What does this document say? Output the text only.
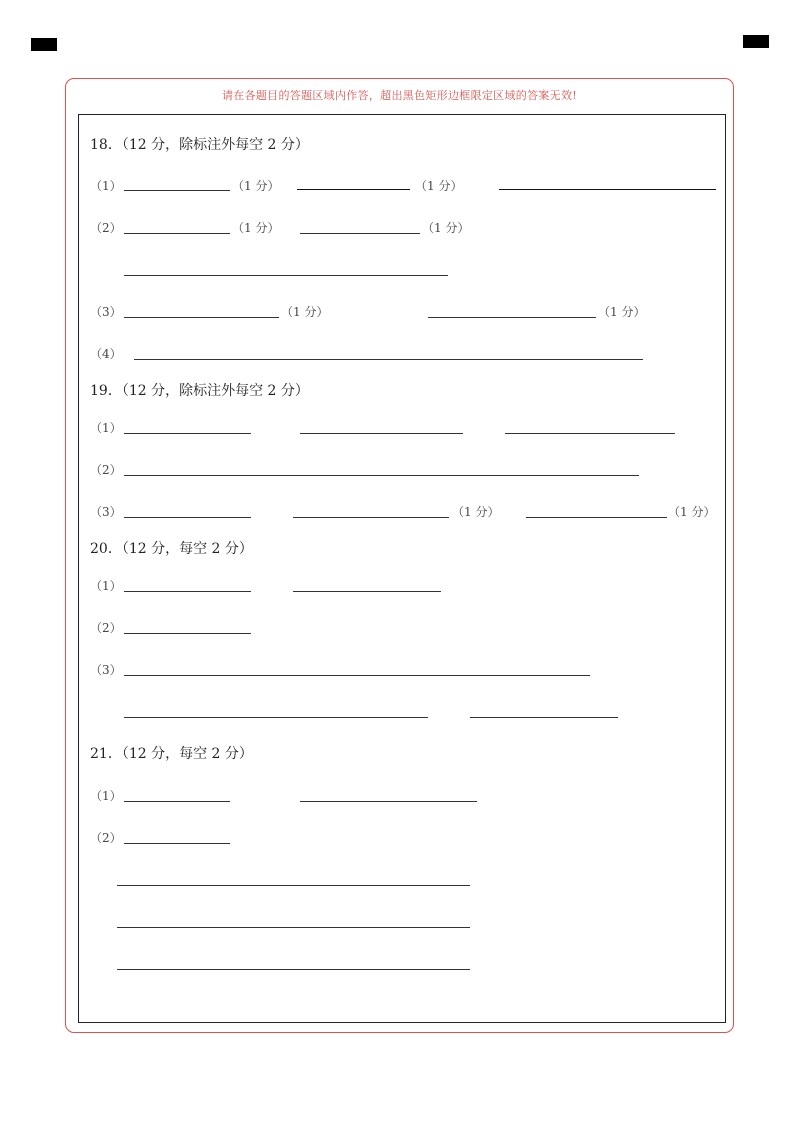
请在各题目的答题区域内作答，超出黑色矩形边框限定区域的答案无效!
18．（12 分，除标注外每空 2 分）
（1）	（1 分）	（1 分）
（2）	（1 分）	（1 分）
（3）	（1 分）	（1 分）
（4）
19．（12 分，除标注外每空 2 分）
（1）
（2）
（3）	（1 分）	（1 分）
20．（12 分，每空 2 分）
（1）
（2）
（3）
21．（12 分，每空 2 分）
（1）
（2）
